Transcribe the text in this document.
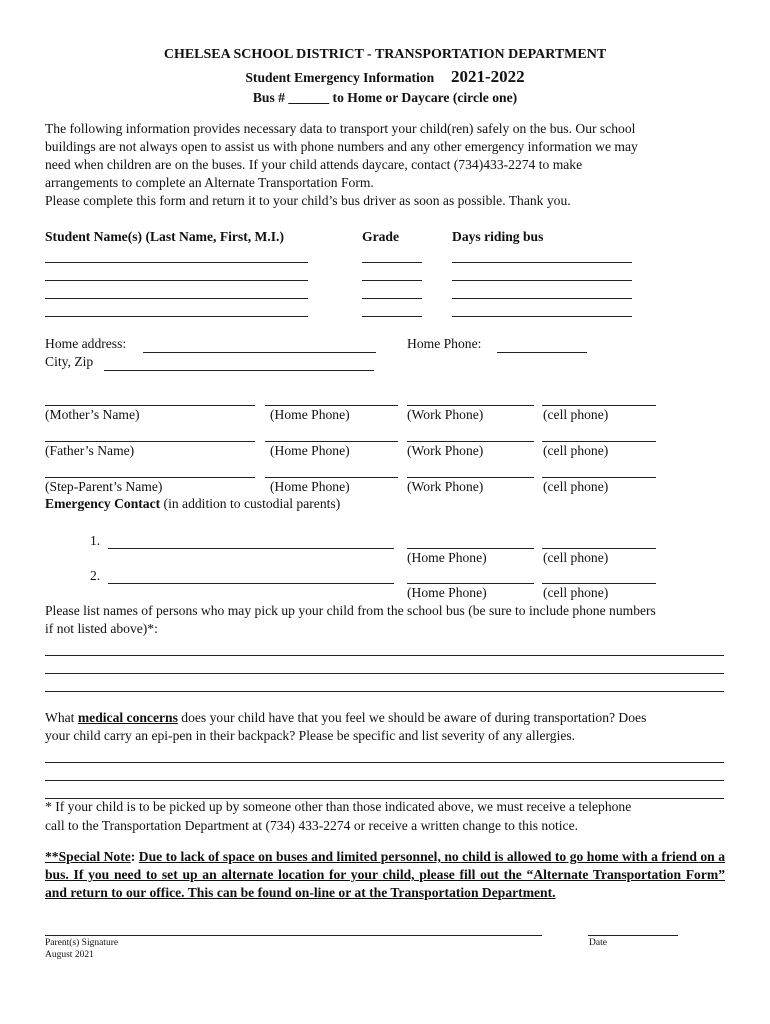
CHELSEA SCHOOL DISTRICT - TRANSPORTATION DEPARTMENT
Student Emergency Information 2021-2022
Bus # ______ to Home or Daycare (circle one)
The following information provides necessary data to transport your child(ren) safely on the bus. Our school
buildings are not always open to assist us with phone numbers and any other emergency information we may
need when children are on the buses. If your child attends daycare, contact (734)433-2274 to make
arrangements to complete an Alternate Transportation Form.
Please complete this form and return it to your child’s bus driver as soon as possible. Thank you.
Student Name(s) (Last Name, First, M.I.)	Grade	Days riding bus
Home address:	Home Phone:
City, Zip
(Mother’s Name)	(Home Phone)	(Work Phone)	(cell phone)
(Father’s Name)	(Home Phone)	(Work Phone)	(cell phone)
(Step-Parent’s Name)	(Home Phone)	(Work Phone)	(cell phone)
Emergency Contact (in addition to custodial parents)
1.
(Home Phone)	(cell phone)
2.
(Home Phone)	(cell phone)
Please list names of persons who may pick up your child from the school bus (be sure to include phone numbers
if not listed above)*:
What medical concerns does your child have that you feel we should be aware of during transportation? Does
your child carry an epi-pen in their backpack? Please be specific and list severity of any allergies.
* If your child is to be picked up by someone other than those indicated above, we must receive a telephone
call to the Transportation Department at (734) 433-2274 or receive a written change to this notice.
**Special Note: Due to lack of space on buses and limited personnel, no child is allowed to go home with a friend on a bus. If you need to set up an alternate location for your child, please fill out the “Alternate Transportation Form” and return to our office. This can be found on-line or at the Transportation Department.
Parent(s) Signature	Date
August 2021
